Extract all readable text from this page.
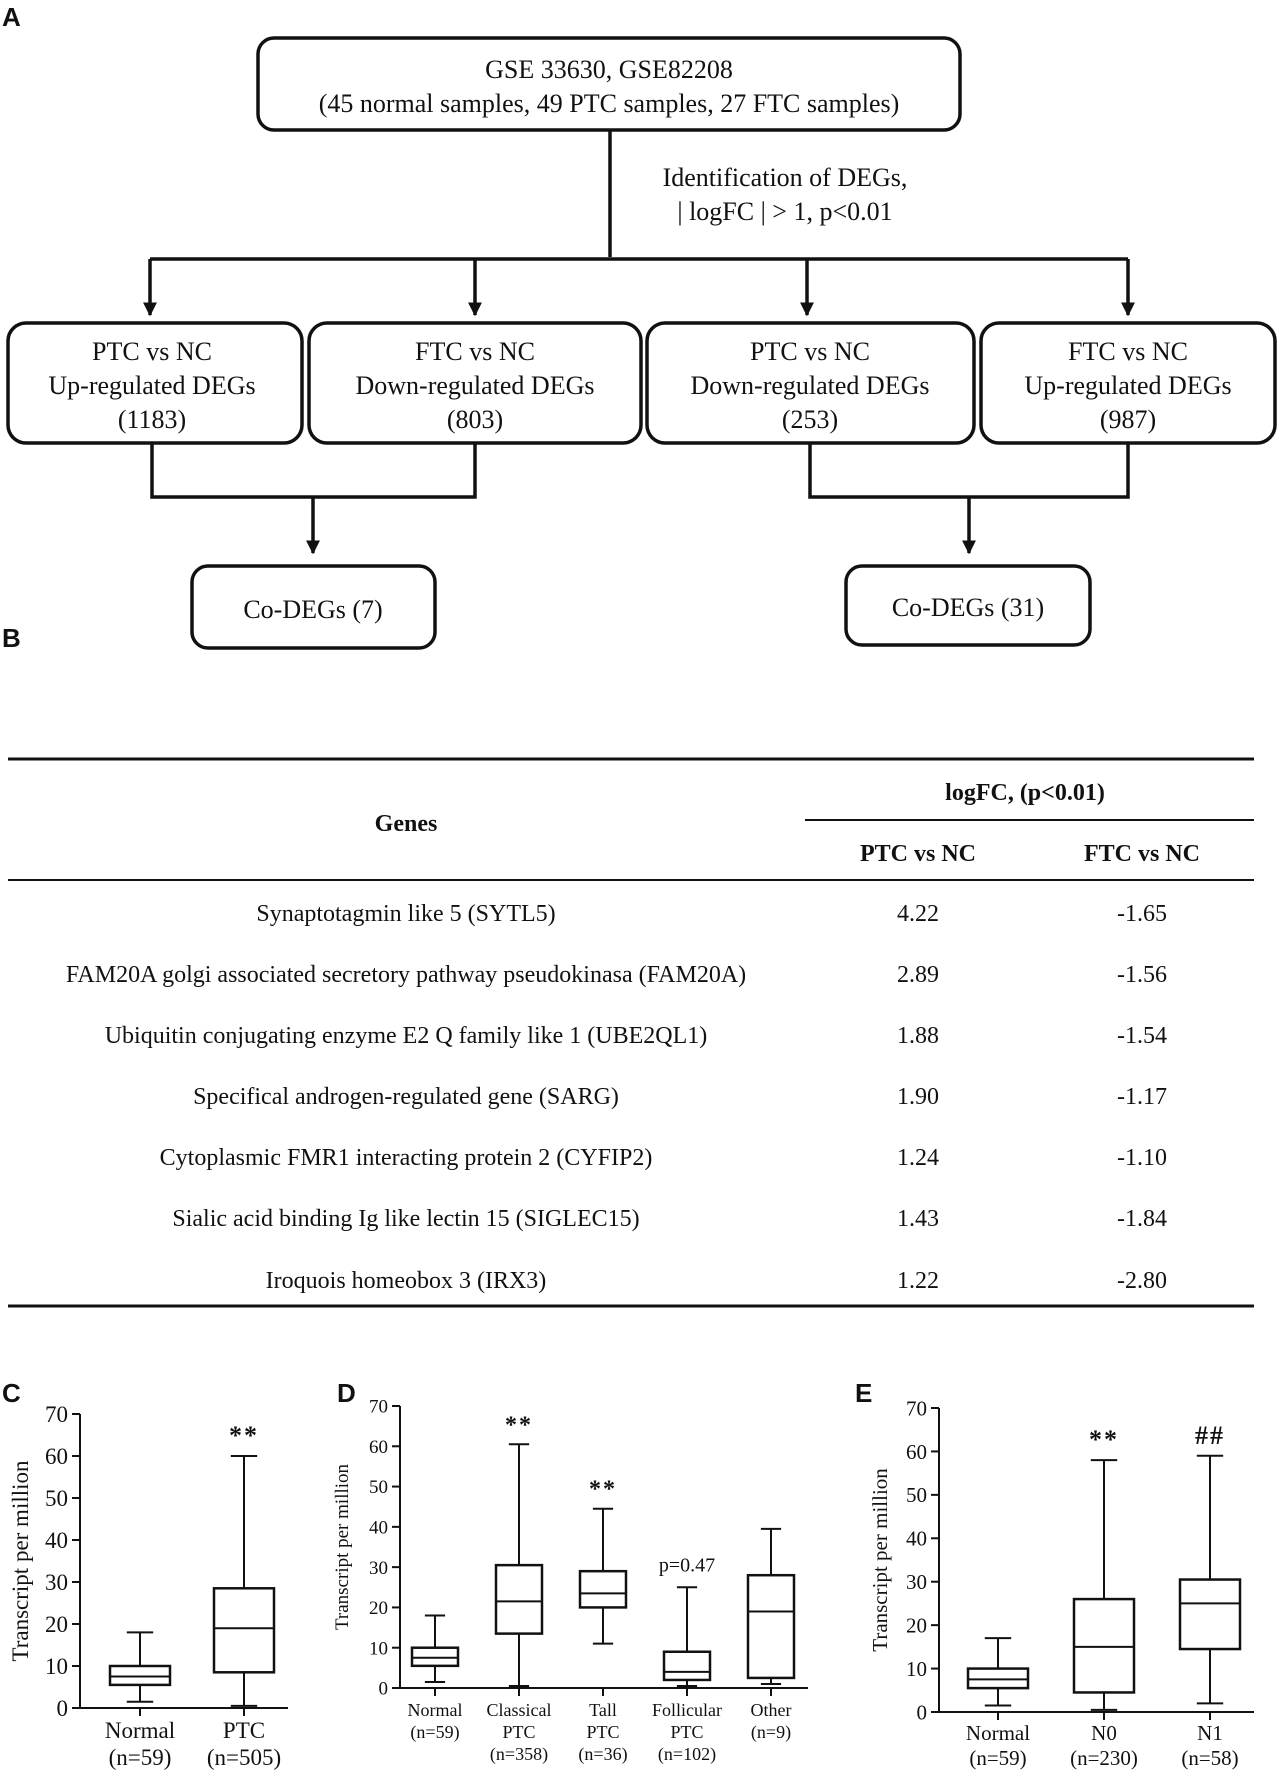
A
B
C	D	E
GSE 33630, GSE82208
(45 normal samples, 49 PTC samples, 27 FTC samples)
Identification of DEGs,
| logFC | > 1, p<0.01
PTC vs NC
Up-regulated DEGs
(1183)
FTC vs NC
Down-regulated DEGs
(803)
PTC vs NC
Down-regulated DEGs
(253)
FTC vs NC
Up-regulated DEGs
(987)
Co-DEGs (7)	Co-DEGs (31)
Genes
logFC, (p<0.01)
PTC vs NC	FTC vs NC
Synaptotagmin like 5 (SYTL5)	4.22	-1.65
FAM20A golgi associated secretory pathway pseudokinasa (FAM20A)	2.89	-1.56
Ubiquitin conjugating enzyme E2 Q family like 1 (UBE2QL1)	1.88	-1.54
Specifical androgen-regulated gene (SARG)	1.90	-1.17
Cytoplasmic FMR1 interacting protein 2 (CYFIP2)	1.24	-1.10
Sialic acid binding Ig like lectin 15 (SIGLEC15)	1.43	-1.84
Iroquois homeobox 3 (IRX3)	1.22	-2.80
0
10
20
30
40
50
60
70
Transcript per million
Normal
(n=59)
**
PTC
(n=505)
0
10
20
30
40
50
60
70
Transcript per million
Normal
(n=59)
**
Classical
PTC
(n=358)
**
Tall
PTC
(n=36)
p=0.47
Follicular
PTC
(n=102)
Other
(n=9)
0
10
20
30
40
50
60
70
Transcript per million
Normal
(n=59)
**
N0
(n=230)
##
N1
(n=58)
